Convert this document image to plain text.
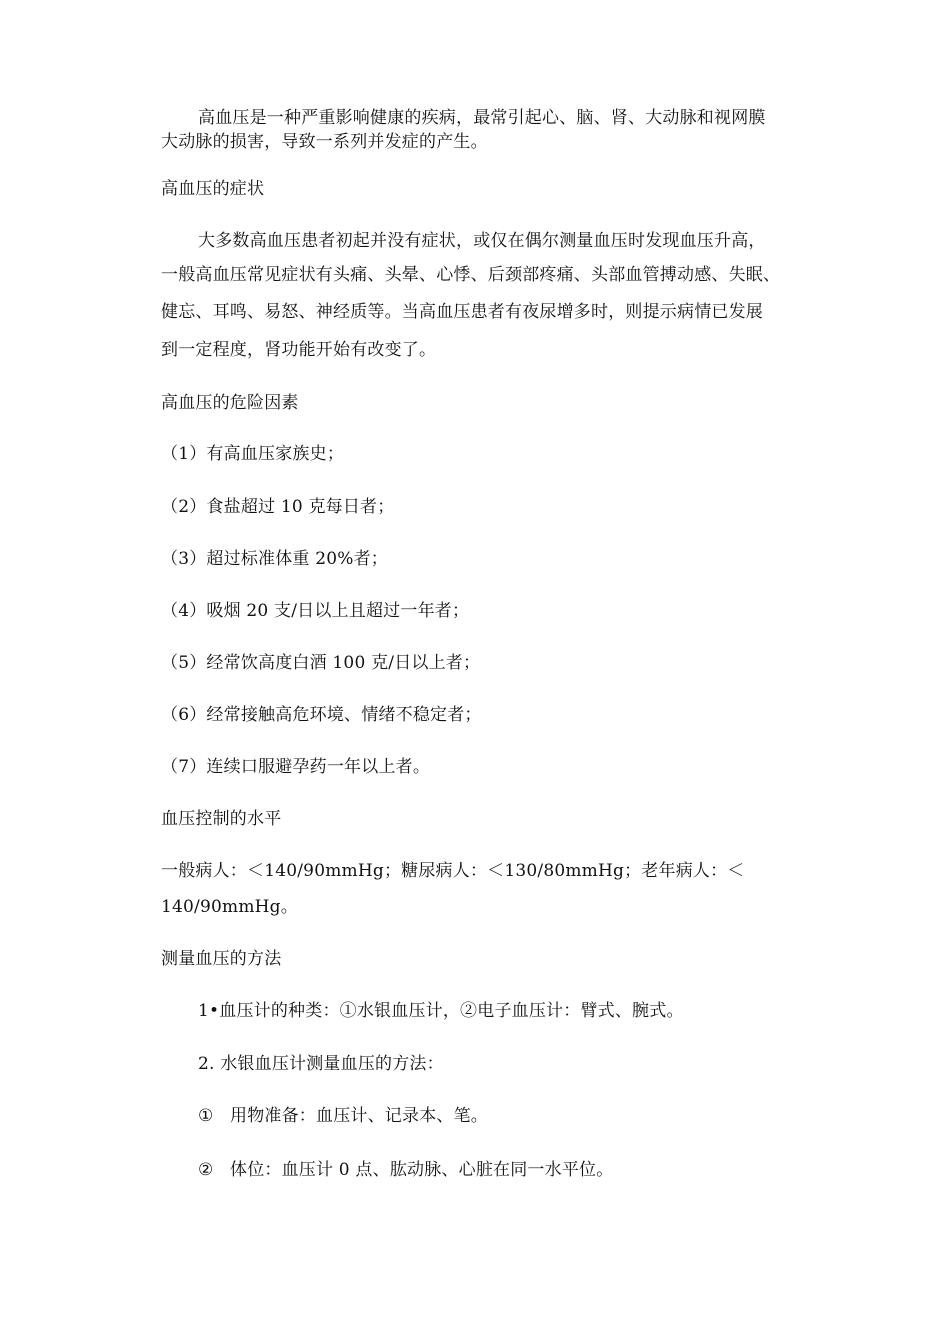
高血压是一种严重影响健康的疾病，最常引起心、脑、肾、大动脉和视网膜
大动脉的损害，导致一系列并发症的产生。
高血压的症状
大多数高血压患者初起并没有症状，或仅在偶尔测量血压时发现血压升高，
一般高血压常见症状有头痛、头晕、心悸、后颈部疼痛、头部血管搏动感、失眠、
健忘、耳鸣、易怒、神经质等。当高血压患者有夜尿增多时，则提示病情已发展
到一定程度，肾功能开始有改变了。
高血压的危险因素
（1）有高血压家族史；
（2）食盐超过 10 克每日者；
（3）超过标准体重 20%者；
（4）吸烟 20 支/日以上且超过一年者；
（5）经常饮高度白酒 100 克/日以上者；
（6）经常接触高危环境、情绪不稳定者；
（7）连续口服避孕药一年以上者。
血压控制的水平
一般病人：＜140/90mmHg；糖尿病人：＜130/80mmHg；老年病人：＜
140/90mmHg。
测量血压的方法
1•血压计的种类：①水银血压计，②电子血压计：臂式、腕式。
2. 水银血压计测量血压的方法：
① 用物准备：血压计、记录本、笔。
② 体位：血压计 0 点、肱动脉、心脏在同一水平位。
